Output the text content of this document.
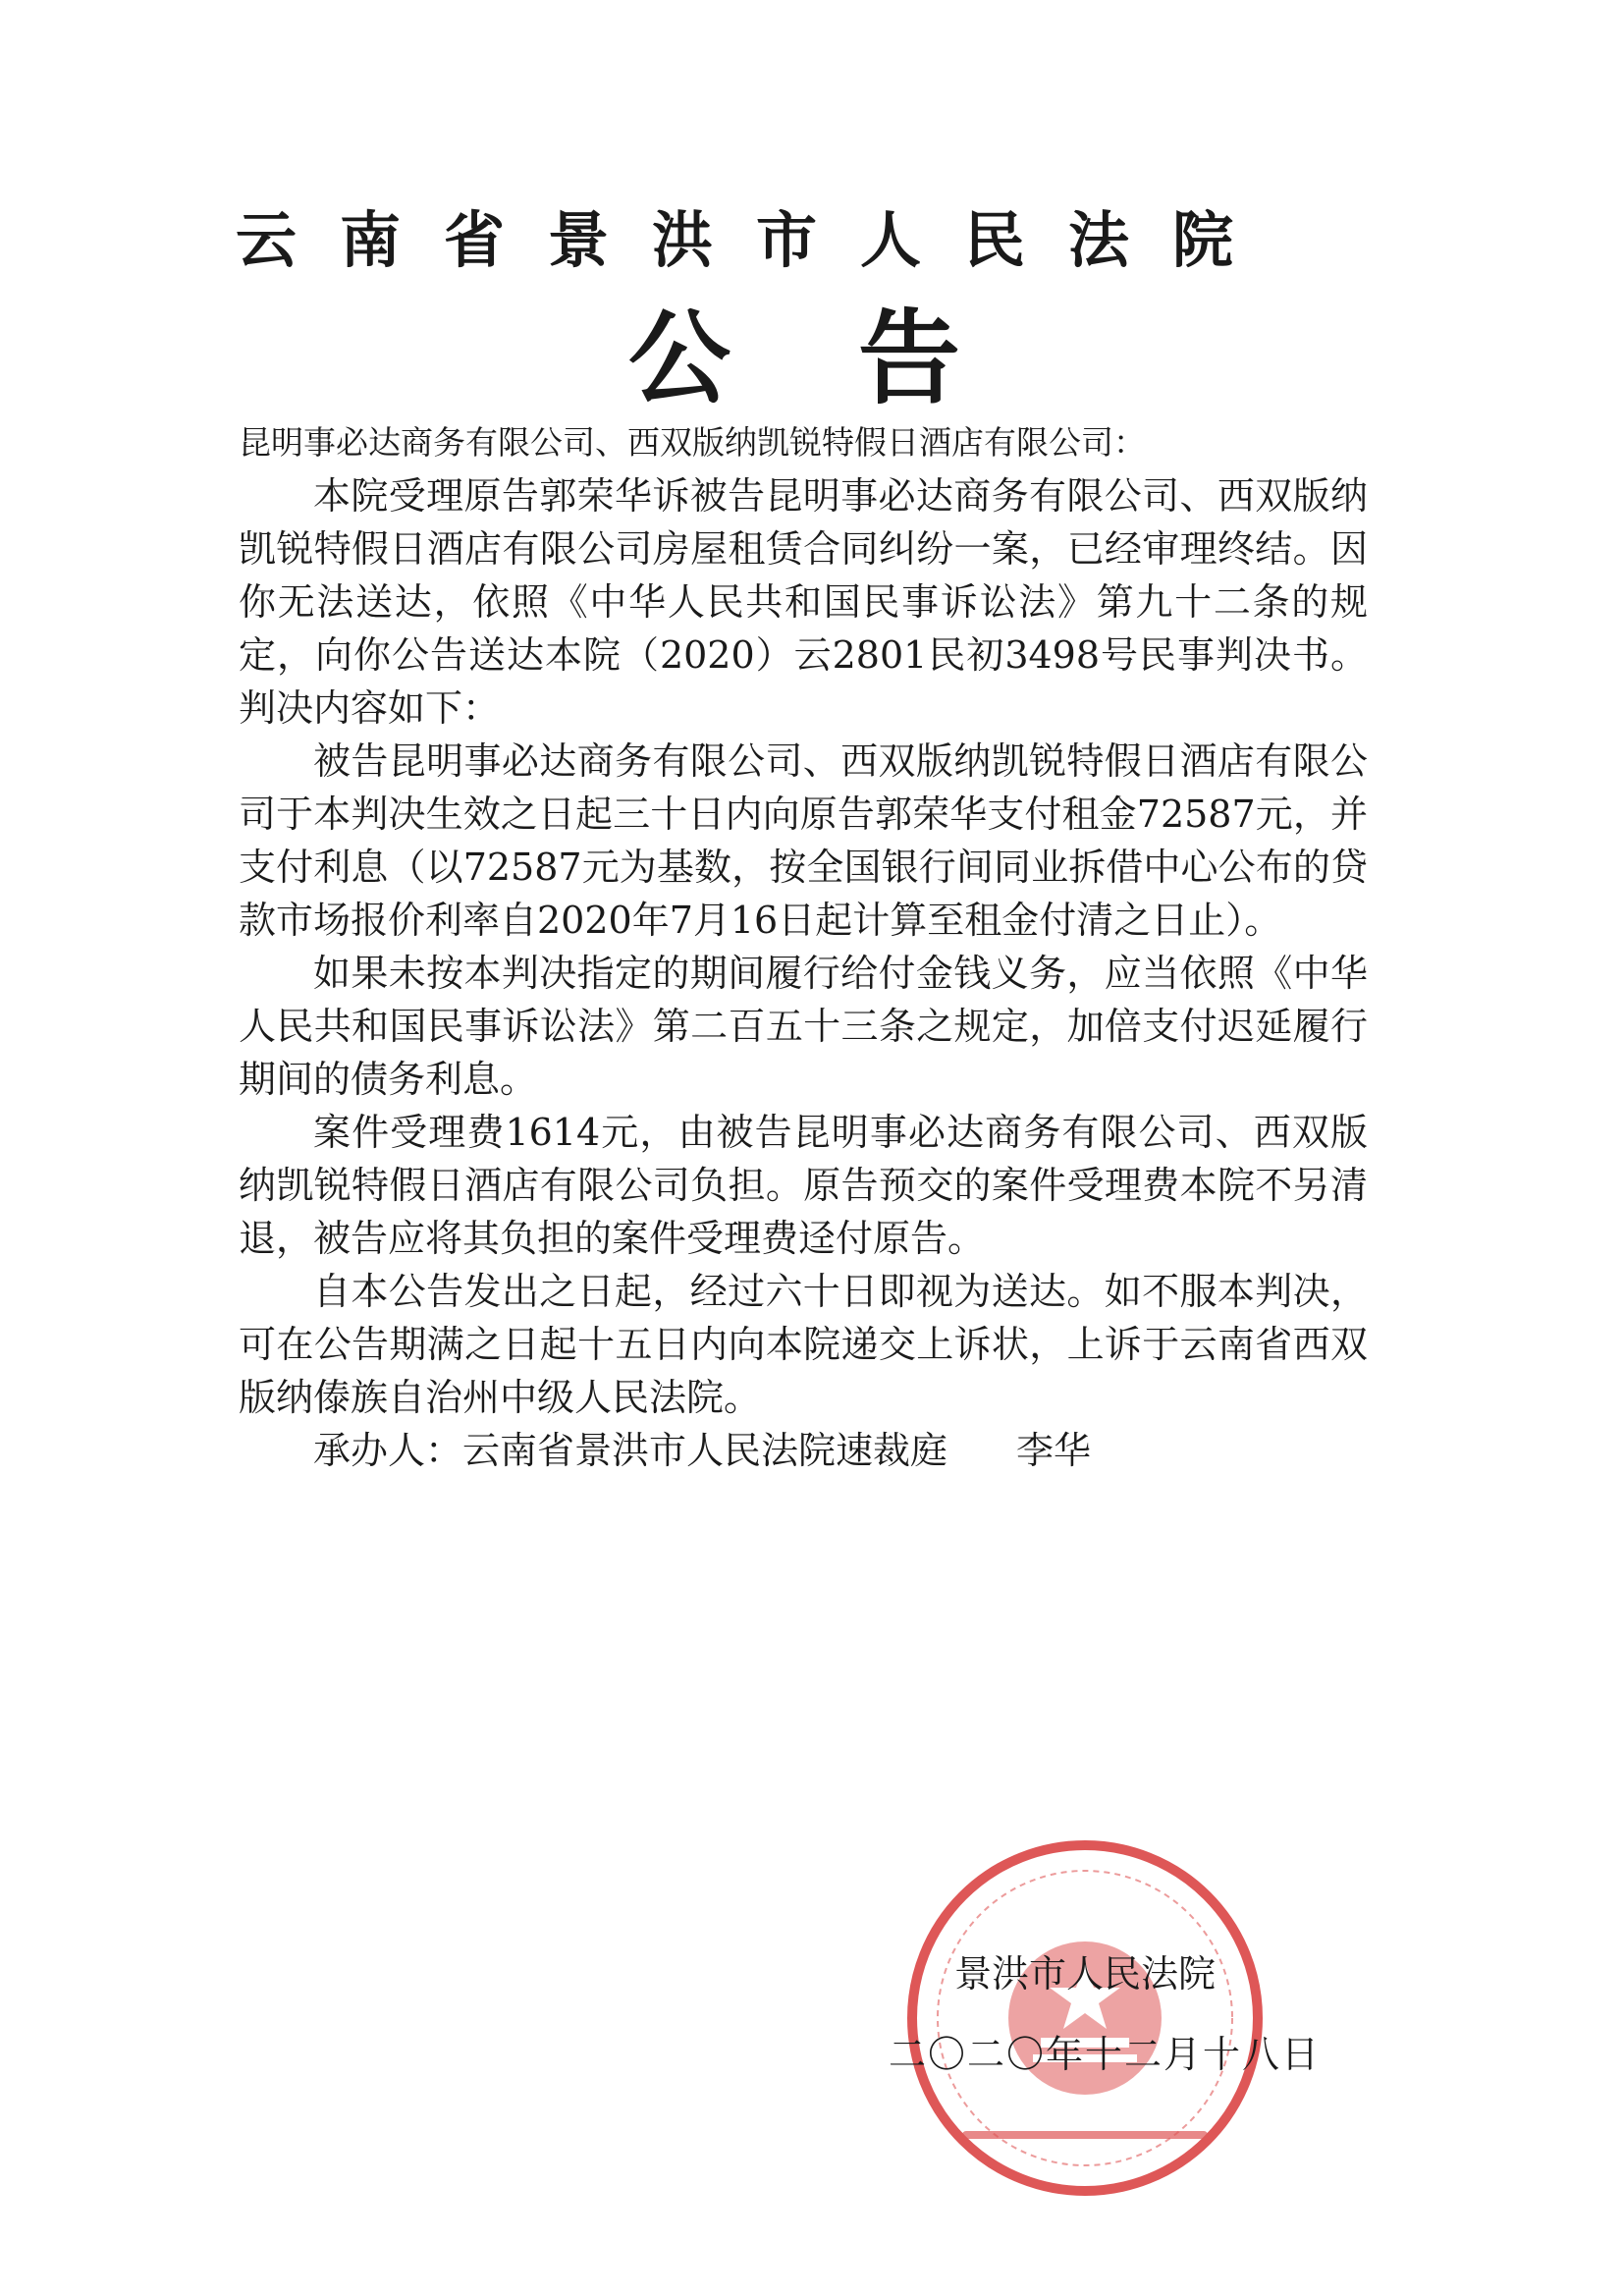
云南省景洪市人民法院
公告

昆明事必达商务有限公司、西双版纳凯锐特假日酒店有限公司：

本院受理原告郭荣华诉被告昆明事必达商务有限公司、西双版纳凯锐特假日酒店有限公司房屋租赁合同纠纷一案，已经审理终结。因你无法送达，依照《中华人民共和国民事诉讼法》第九十二条的规定，向你公告送达本院（2020）云2801民初3498号民事判决书。判决内容如下：

被告昆明事必达商务有限公司、西双版纳凯锐特假日酒店有限公司于本判决生效之日起三十日内向原告郭荣华支付租金72587元，并支付利息（以72587元为基数，按全国银行间同业拆借中心公布的贷款市场报价利率自2020年7月16日起计算至租金付清之日止）。

如果未按本判决指定的期间履行给付金钱义务，应当依照《中华人民共和国民事诉讼法》第二百五十三条之规定，加倍支付迟延履行期间的债务利息。

案件受理费1614元，由被告昆明事必达商务有限公司、西双版纳凯锐特假日酒店有限公司负担。原告预交的案件受理费本院不另清退，被告应将其负担的案件受理费迳付原告。

自本公告发出之日起，经过六十日即视为送达。如不服本判决，可在公告期满之日起十五日内向本院递交上诉状，上诉于云南省西双版纳傣族自治州中级人民法院。

承办人：云南省景洪市人民法院速裁庭 李华

景洪市人民法院
二〇二〇年十二月十八日
